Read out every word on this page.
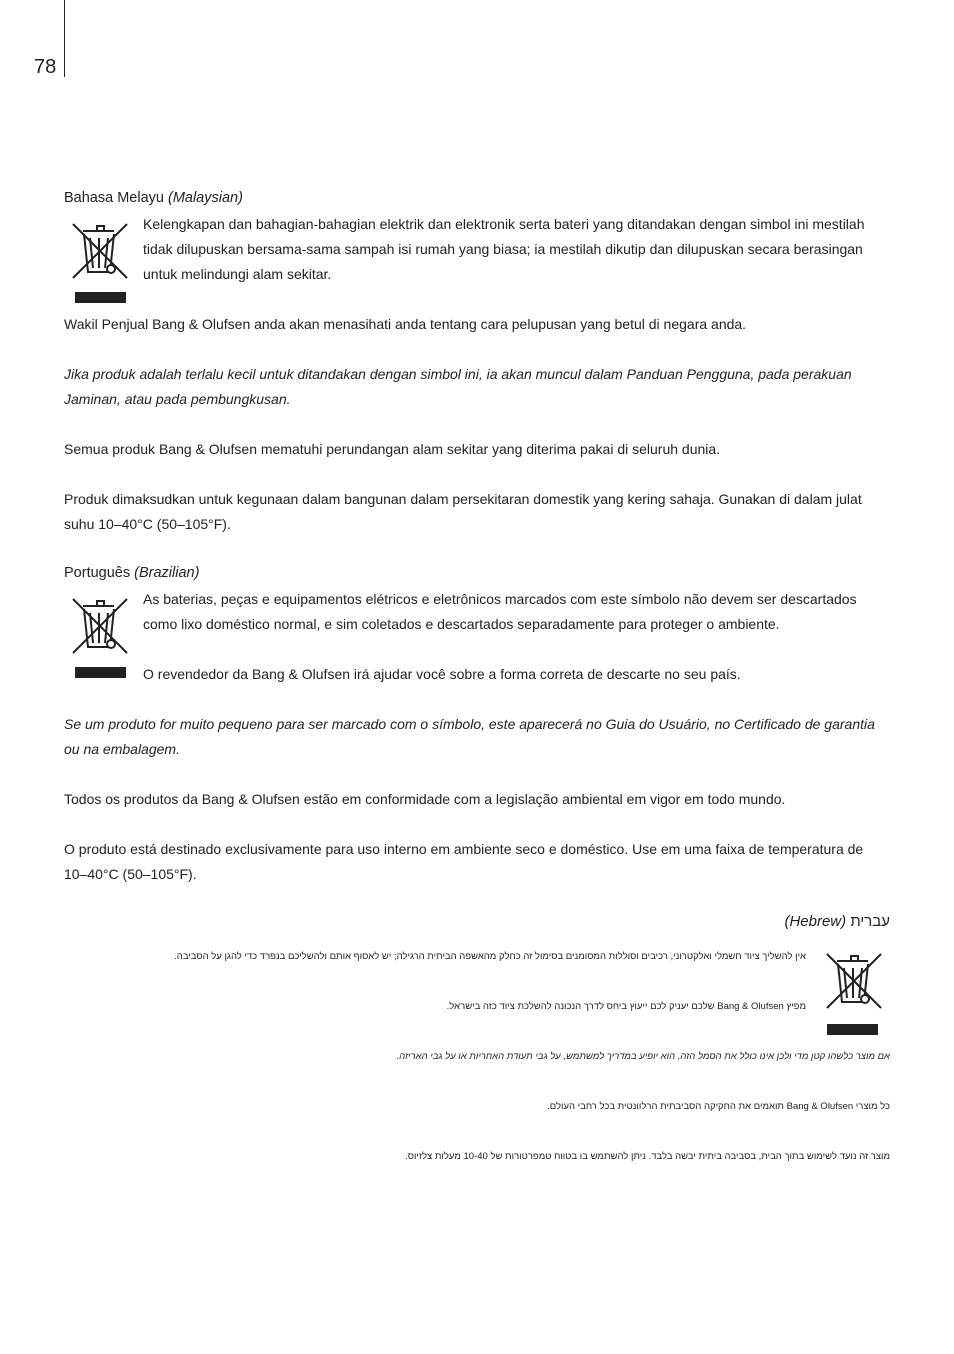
78
Bahasa Melayu (Malaysian)
Kelengkapan dan bahagian-bahagian elektrik dan elektronik serta bateri yang ditandakan dengan simbol ini mestilah tidak dilupuskan bersama-sama sampah isi rumah yang biasa; ia mestilah dikutip dan dilupuskan secara berasingan untuk melindungi alam sekitar.
Wakil Penjual Bang & Olufsen anda akan menasihati anda tentang cara pelupusan yang betul di negara anda.
Jika produk adalah terlalu kecil untuk ditandakan dengan simbol ini, ia akan muncul dalam Panduan Pengguna, pada perakuan Jaminan, atau pada pembungkusan.
Semua produk Bang & Olufsen mematuhi perundangan alam sekitar yang diterima pakai di seluruh dunia.
Produk dimaksudkan untuk kegunaan dalam bangunan dalam persekitaran domestik yang kering sahaja. Gunakan di dalam julat suhu 10–40°C (50–105°F).
Português (Brazilian)
As baterias, peças e equipamentos elétricos e eletrônicos marcados com este símbolo não devem ser descartados como lixo doméstico normal, e sim coletados e descartados separadamente para proteger o ambiente.
O revendedor da Bang & Olufsen irá ajudar você sobre a forma correta de descarte no seu país.
Se um produto for muito pequeno para ser marcado com o símbolo, este aparecerá no Guia do Usuário, no Certificado de garantia ou na embalagem.
Todos os produtos da Bang & Olufsen estão em conformidade com a legislação ambiental em vigor em todo mundo.
O produto está destinado exclusivamente para uso interno em ambiente seco e doméstico. Use em uma faixa de temperatura de 10–40°C (50–105°F).
עברית (Hebrew)
אין להשליך ציוד חשמלי ואלקטרוני, רכיבים וסוללות המסומנים בסימול זה כחלק מהאשפה הביתית הרגילה; יש לאסוף אותם ולהשליכם בנפרד כדי להגן על הסביבה.
מפיץ Bang & Olufsen שלכם יעניק לכם ייעוץ ביחס לדרך הנכונה להשלכת ציוד כזה בישראל.
אם מוצר כלשהו קטן מדי ולכן אינו כולל את הסמל הזה, הוא יופיע במדריך למשתמש, על גבי תעודת האחריות או על גבי האריזה.
כל מוצרי Bang & Olufsen תואמים את החקיקה הסביבתית הרלוונטית בכל רחבי העולם.
מוצר זה נועד לשימוש בתוך הבית, בסביבה ביתית יבשה בלבד. ניתן להשתמש בו בטווח טמפרטורות של 10-40 מעלות צלזיוס.
